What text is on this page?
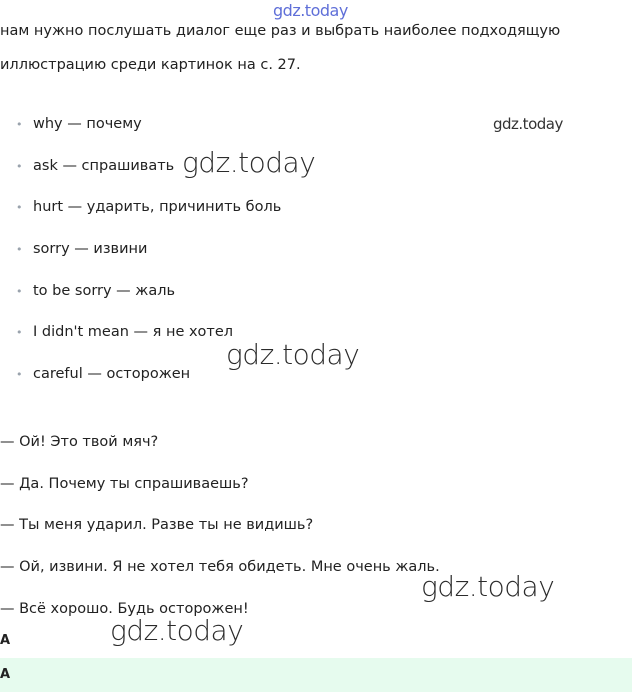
нам нужно послушать диалог еще раз и выбрать наиболее подходящую иллюстрацию среди картинок на с. 27.

• why — почему
• ask — спрашивать
• hurt — ударить, причинить боль
• sorry — извини
• to be sorry — жаль
• I didn't mean — я не хотел
• careful — осторожен

— Ой! Это твой мяч?

— Да. Почему ты спрашиваешь?

— Ты меня ударил. Разве ты не видишь?

— Ой, извини. Я не хотел тебя обидеть. Мне очень жаль.

— Всё хорошо. Будь осторожен!

A
A
gdz.today
gdz.today
gdz.today
gdz.today
gdz.today
gdz.today
